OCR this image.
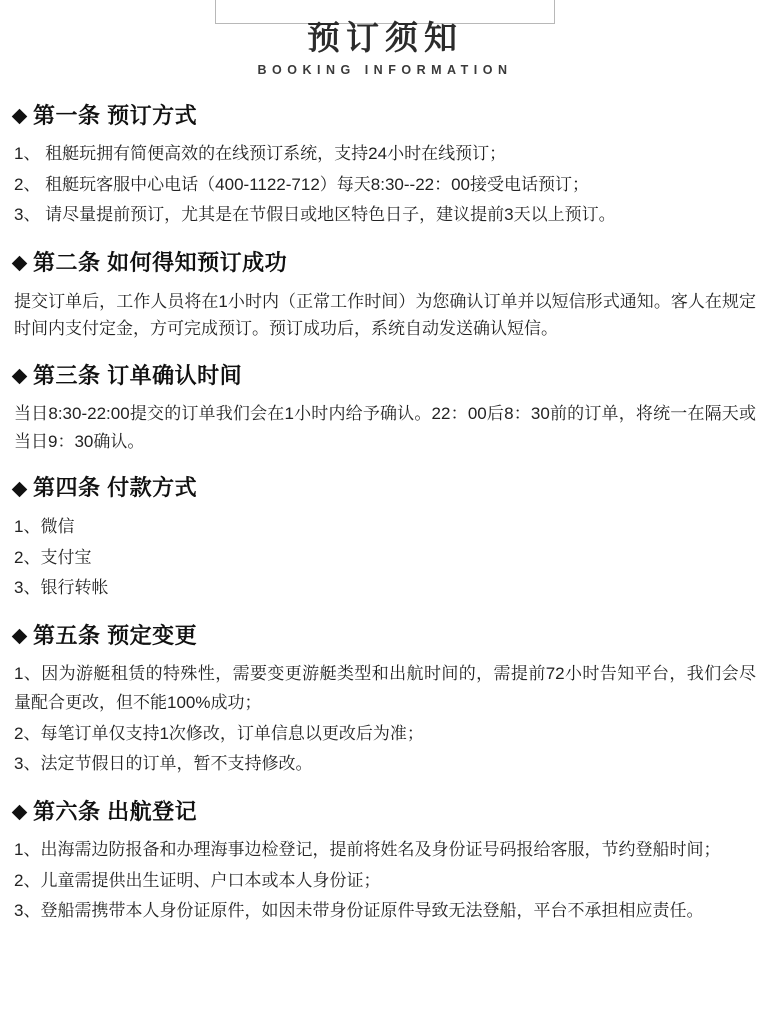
预订须知
BOOKING INFORMATION
第一条 预订方式
1、 租艇玩拥有简便高效的在线预订系统，支持24小时在线预订；
2、 租艇玩客服中心电话（400-1122-712）每天8:30--22：00接受电话预订；
3、 请尽量提前预订，尤其是在节假日或地区特色日子，建议提前3天以上预订。
第二条 如何得知预订成功

提交订单后，工作人员将在1小时内（正常工作时间）为您确认订单并以短信形式通知。客人在规定时间内支付定金，方可完成预订。预订成功后，系统自动发送确认短信。

第三条 订单确认时间

当日8:30-22:00提交的订单我们会在1小时内给予确认。22：00后8：30前的订单，将统一在隔天或当日9：30确认。

第四条 付款方式
1、微信
2、支付宝
3、银行转帐
第五条 预定变更
1、因为游艇租赁的特殊性，需要变更游艇类型和出航时间的，需提前72小时告知平台，我们会尽量配合更改，但不能100%成功；
2、每笔订单仅支持1次修改，订单信息以更改后为准；
3、法定节假日的订单，暂不支持修改。
第六条 出航登记
1、出海需边防报备和办理海事边检登记，提前将姓名及身份证号码报给客服，节约登船时间；
2、儿童需提供出生证明、户口本或本人身份证；
3、登船需携带本人身份证原件，如因未带身份证原件导致无法登船，平台不承担相应责任。
